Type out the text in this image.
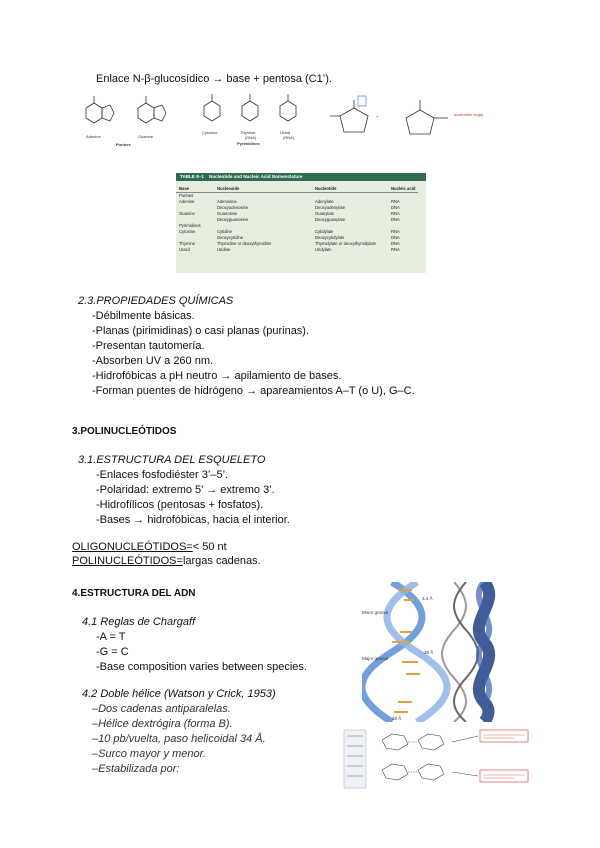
Enlace N-β-glucosídico → base + pentosa (C1’).
Adenine	Guanine
Purines
Cytosine	Thymine
(DNA)
Uracil
(RNA)
Pyrimidines
+	nucleotide sugar
TABLE 8–1 Nucleotide and Nucleic Acid Nomenclature
Base	Nucleoside	Nucleotide	Nucleic acid
Purines			
Adenine	Adenosine	Adenylate	RNA
	Deoxyadenosine	Deoxyadenylate	DNA
Guanine	Guanosine	Guanylate	RNA
	Deoxyguanosine	Deoxyguanylate	DNA
Pyrimidines			
Cytosine	Cytidine	Cytidylate	RNA
	Deoxycytidine	Deoxycytidylate	DNA
Thymine	Thymidine or deoxythymidine	Thymidylate or deoxythymidylate	DNA
Uracil	Uridine	Uridylate	RNA
2.3.PROPIEDADES QUÍMICAS
-Débilmente básicas.
-Planas (pirimidinas) o casi planas (purinas).
-Presentan tautomería.
-Absorben UV a 260 nm.
-Hidrofóbicas a pH neutro → apilamiento de bases.
-Forman puentes de hidrógeno → apareamientos A–T (o U), G–C.
3.POLINUCLEÓTIDOS
3.1.ESTRUCTURA DEL ESQUELETO
-Enlaces fosfodiéster 3’–5’.
-Polaridad: extremo 5’ → extremo 3’.
-Hidrofílicos (pentosas + fosfatos).
-Bases → hidrofóbicas, hacia el interior.
OLIGONUCLEÓTIDOS=< 50 nt
POLINUCLEÓTIDOS=largas cadenas.
4.ESTRUCTURA DEL ADN
4.1 Reglas de Chargaff
-A = T
-G = C
-Base composition varies between species.
4.2 Doble hélice (Watson y Crick, 1953)
–Dos cadenas antiparalelas.
–Hélice dextrógira (forma B).
–10 pb/vuelta, paso helicoidal 34 Å.
–Surco mayor y menor.
–Estabilizada por:
Minor groove
Major groove
3.4 Å
36 Å
20 Å
